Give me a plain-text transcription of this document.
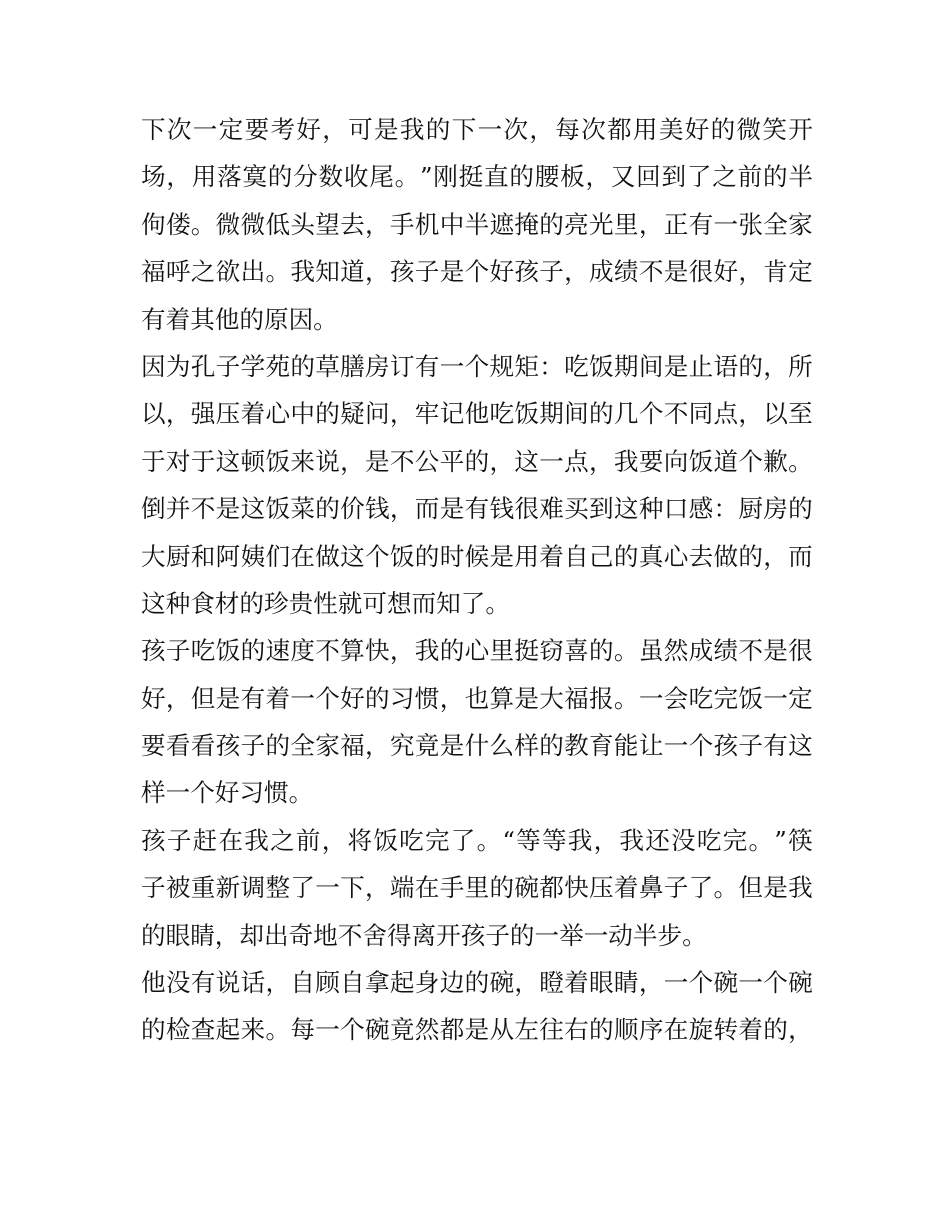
下 次 一 定 要 考 好 ， 可 是 我 的 下 一 次 ， 每 次 都 用 美 好 的 微 笑 开
场 ， 用 落 寞 的 分 数 收 尾 。 ” 刚 挺 直 的 腰 板 ， 又 回 到 了 之 前 的 半
佝 偻 。 微 微 低 头 望 去 ， 手 机 中 半 遮 掩 的 亮 光 里 ， 正 有 一 张 全 家
福 呼 之 欲 出 。 我 知 道 ， 孩 子 是 个 好 孩 子 ， 成 绩 不 是 很 好 ， 肯 定
有着其他的原因。
因 为 孔 子 学 苑 的 草 膳 房 订 有 一 个 规 矩 ： 吃 饭 期 间 是 止 语 的 ， 所
以 ， 强 压 着 心 中 的 疑 问 ， 牢 记 他 吃 饭 期 间 的 几 个 不 同 点 ， 以 至
于 对 于 这 顿 饭 来 说 ， 是 不 公 平 的 ， 这 一 点 ， 我 要 向 饭 道 个 歉 。
倒 并 不 是 这 饭 菜 的 价 钱 ， 而 是 有 钱 很 难 买 到 这 种 口 感 ： 厨 房 的
大 厨 和 阿 姨 们 在 做 这 个 饭 的 时 候 是 用 着 自 己 的 真 心 去 做 的 ， 而
这种食材的珍贵性就可想而知了。
孩 子 吃 饭 的 速 度 不 算 快 ， 我 的 心 里 挺 窃 喜 的 。 虽 然 成 绩 不 是 很
好 ， 但 是 有 着 一 个 好 的 习 惯 ， 也 算 是 大 福 报 。 一 会 吃 完 饭 一 定
要 看 看 孩 子 的 全 家 福 ， 究 竟 是 什 么 样 的 教 育 能 让 一 个 孩 子 有 这
样一个好习惯。
孩 子 赶 在 我 之 前 ， 将 饭 吃 完 了 。 “ 等 等 我 ， 我 还 没 吃 完 。 ” 筷
子 被 重 新 调 整 了 一 下 ， 端 在 手 里 的 碗 都 快 压 着 鼻 子 了 。 但 是 我
的眼睛，却出奇地不舍得离开孩子的一举一动半步。
他 没 有 说 话 ， 自 顾 自 拿 起 身 边 的 碗 ， 瞪 着 眼 睛 ， 一 个 碗 一 个 碗
的 检 查 起 来 。 每 一 个 碗 竟 然 都 是 从 左 往 右 的 顺 序 在 旋 转 着 的 ，
